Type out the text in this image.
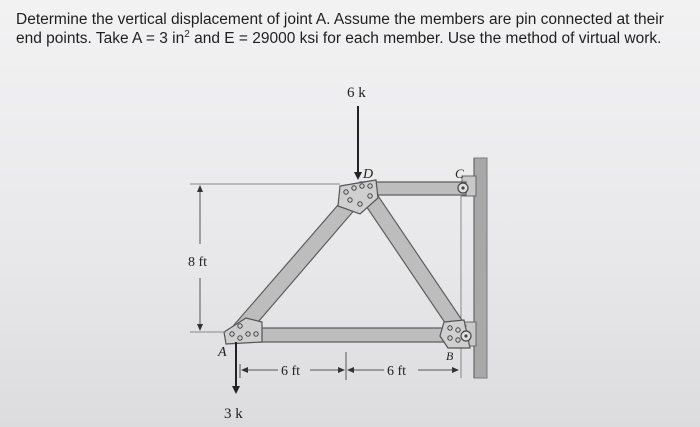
Determine the vertical displacement of joint A. Assume the members are pin connected at their end points. Take A = 3 $in^2$ and E = 29000 ksi for each member. Use the method of virtual work.
6 k
3 k
A	B
C
D
8 ft
6 ft	6 ft
